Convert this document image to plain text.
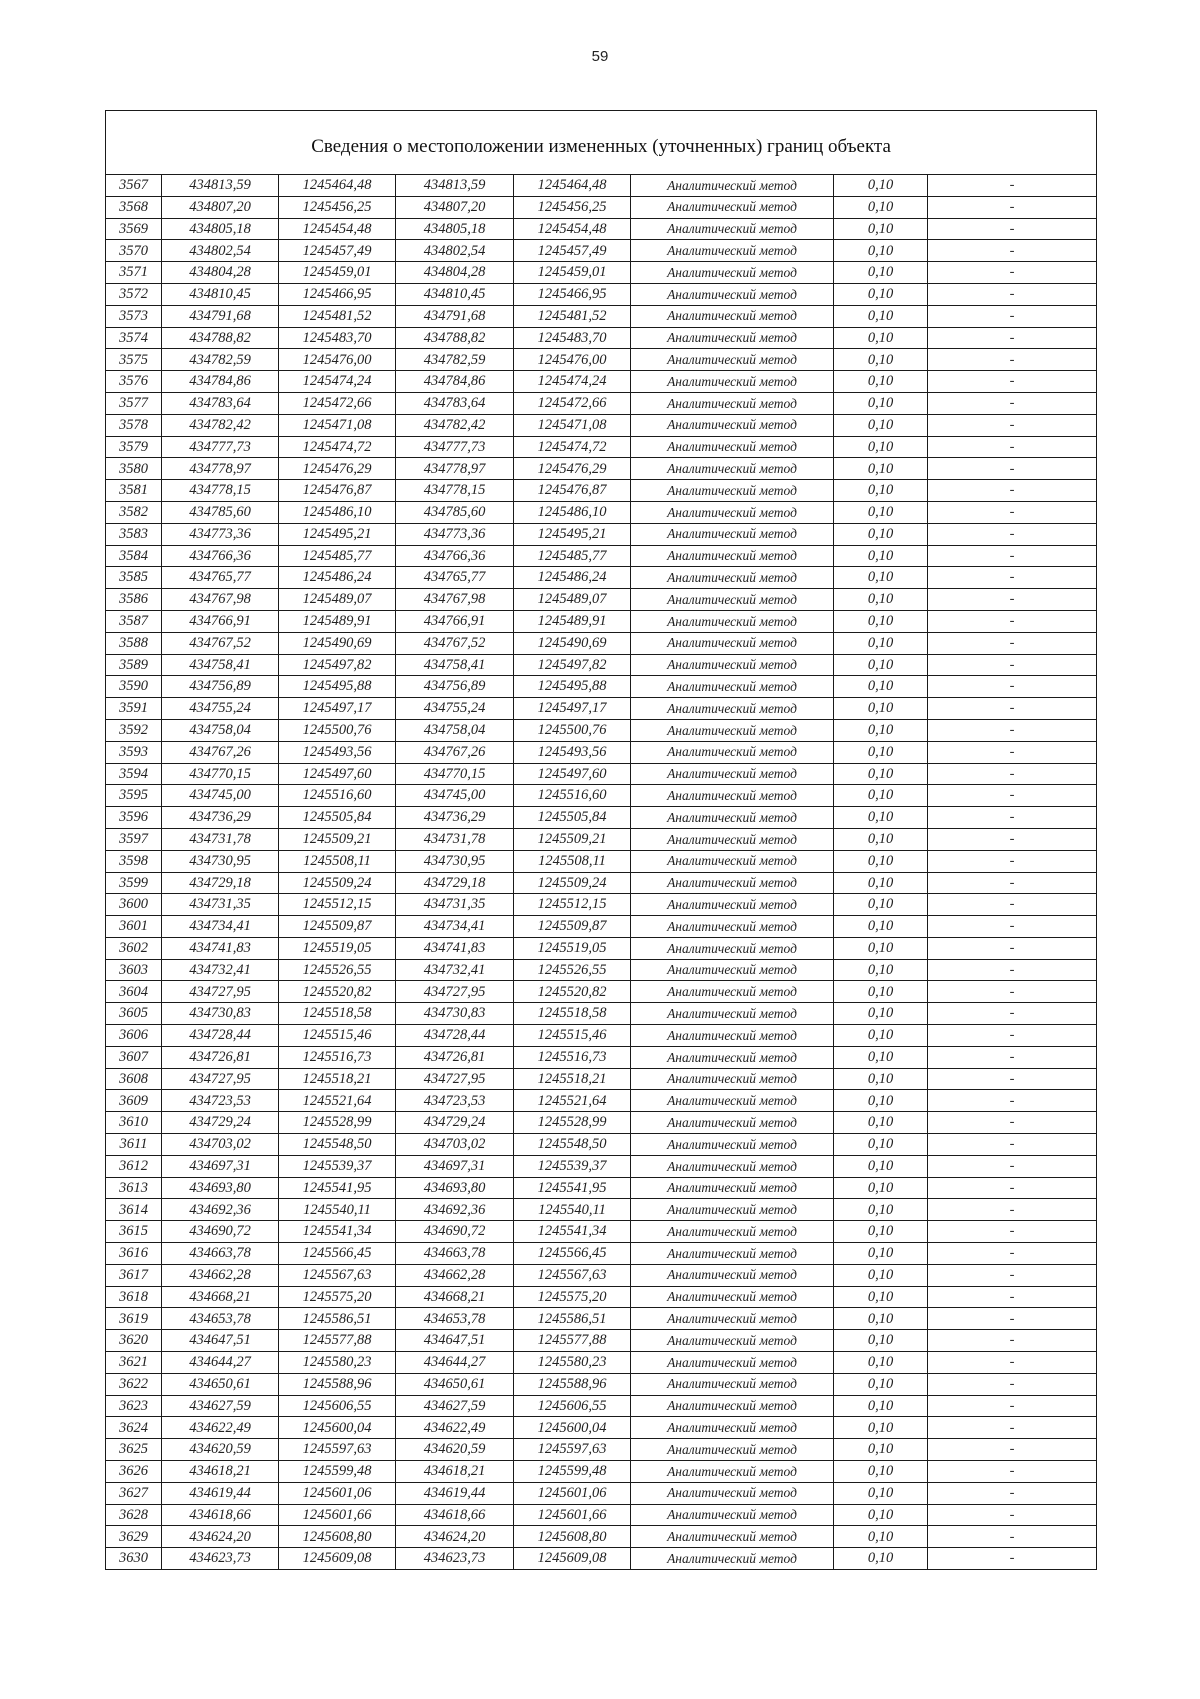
59
Сведения о местоположении измененных (уточненных) границ объекта							
3567	434813,59	1245464,48	434813,59	1245464,48	Аналитический метод	0,10	-
3568	434807,20	1245456,25	434807,20	1245456,25	Аналитический метод	0,10	-
3569	434805,18	1245454,48	434805,18	1245454,48	Аналитический метод	0,10	-
3570	434802,54	1245457,49	434802,54	1245457,49	Аналитический метод	0,10	-
3571	434804,28	1245459,01	434804,28	1245459,01	Аналитический метод	0,10	-
3572	434810,45	1245466,95	434810,45	1245466,95	Аналитический метод	0,10	-
3573	434791,68	1245481,52	434791,68	1245481,52	Аналитический метод	0,10	-
3574	434788,82	1245483,70	434788,82	1245483,70	Аналитический метод	0,10	-
3575	434782,59	1245476,00	434782,59	1245476,00	Аналитический метод	0,10	-
3576	434784,86	1245474,24	434784,86	1245474,24	Аналитический метод	0,10	-
3577	434783,64	1245472,66	434783,64	1245472,66	Аналитический метод	0,10	-
3578	434782,42	1245471,08	434782,42	1245471,08	Аналитический метод	0,10	-
3579	434777,73	1245474,72	434777,73	1245474,72	Аналитический метод	0,10	-
3580	434778,97	1245476,29	434778,97	1245476,29	Аналитический метод	0,10	-
3581	434778,15	1245476,87	434778,15	1245476,87	Аналитический метод	0,10	-
3582	434785,60	1245486,10	434785,60	1245486,10	Аналитический метод	0,10	-
3583	434773,36	1245495,21	434773,36	1245495,21	Аналитический метод	0,10	-
3584	434766,36	1245485,77	434766,36	1245485,77	Аналитический метод	0,10	-
3585	434765,77	1245486,24	434765,77	1245486,24	Аналитический метод	0,10	-
3586	434767,98	1245489,07	434767,98	1245489,07	Аналитический метод	0,10	-
3587	434766,91	1245489,91	434766,91	1245489,91	Аналитический метод	0,10	-
3588	434767,52	1245490,69	434767,52	1245490,69	Аналитический метод	0,10	-
3589	434758,41	1245497,82	434758,41	1245497,82	Аналитический метод	0,10	-
3590	434756,89	1245495,88	434756,89	1245495,88	Аналитический метод	0,10	-
3591	434755,24	1245497,17	434755,24	1245497,17	Аналитический метод	0,10	-
3592	434758,04	1245500,76	434758,04	1245500,76	Аналитический метод	0,10	-
3593	434767,26	1245493,56	434767,26	1245493,56	Аналитический метод	0,10	-
3594	434770,15	1245497,60	434770,15	1245497,60	Аналитический метод	0,10	-
3595	434745,00	1245516,60	434745,00	1245516,60	Аналитический метод	0,10	-
3596	434736,29	1245505,84	434736,29	1245505,84	Аналитический метод	0,10	-
3597	434731,78	1245509,21	434731,78	1245509,21	Аналитический метод	0,10	-
3598	434730,95	1245508,11	434730,95	1245508,11	Аналитический метод	0,10	-
3599	434729,18	1245509,24	434729,18	1245509,24	Аналитический метод	0,10	-
3600	434731,35	1245512,15	434731,35	1245512,15	Аналитический метод	0,10	-
3601	434734,41	1245509,87	434734,41	1245509,87	Аналитический метод	0,10	-
3602	434741,83	1245519,05	434741,83	1245519,05	Аналитический метод	0,10	-
3603	434732,41	1245526,55	434732,41	1245526,55	Аналитический метод	0,10	-
3604	434727,95	1245520,82	434727,95	1245520,82	Аналитический метод	0,10	-
3605	434730,83	1245518,58	434730,83	1245518,58	Аналитический метод	0,10	-
3606	434728,44	1245515,46	434728,44	1245515,46	Аналитический метод	0,10	-
3607	434726,81	1245516,73	434726,81	1245516,73	Аналитический метод	0,10	-
3608	434727,95	1245518,21	434727,95	1245518,21	Аналитический метод	0,10	-
3609	434723,53	1245521,64	434723,53	1245521,64	Аналитический метод	0,10	-
3610	434729,24	1245528,99	434729,24	1245528,99	Аналитический метод	0,10	-
3611	434703,02	1245548,50	434703,02	1245548,50	Аналитический метод	0,10	-
3612	434697,31	1245539,37	434697,31	1245539,37	Аналитический метод	0,10	-
3613	434693,80	1245541,95	434693,80	1245541,95	Аналитический метод	0,10	-
3614	434692,36	1245540,11	434692,36	1245540,11	Аналитический метод	0,10	-
3615	434690,72	1245541,34	434690,72	1245541,34	Аналитический метод	0,10	-
3616	434663,78	1245566,45	434663,78	1245566,45	Аналитический метод	0,10	-
3617	434662,28	1245567,63	434662,28	1245567,63	Аналитический метод	0,10	-
3618	434668,21	1245575,20	434668,21	1245575,20	Аналитический метод	0,10	-
3619	434653,78	1245586,51	434653,78	1245586,51	Аналитический метод	0,10	-
3620	434647,51	1245577,88	434647,51	1245577,88	Аналитический метод	0,10	-
3621	434644,27	1245580,23	434644,27	1245580,23	Аналитический метод	0,10	-
3622	434650,61	1245588,96	434650,61	1245588,96	Аналитический метод	0,10	-
3623	434627,59	1245606,55	434627,59	1245606,55	Аналитический метод	0,10	-
3624	434622,49	1245600,04	434622,49	1245600,04	Аналитический метод	0,10	-
3625	434620,59	1245597,63	434620,59	1245597,63	Аналитический метод	0,10	-
3626	434618,21	1245599,48	434618,21	1245599,48	Аналитический метод	0,10	-
3627	434619,44	1245601,06	434619,44	1245601,06	Аналитический метод	0,10	-
3628	434618,66	1245601,66	434618,66	1245601,66	Аналитический метод	0,10	-
3629	434624,20	1245608,80	434624,20	1245608,80	Аналитический метод	0,10	-
3630	434623,73	1245609,08	434623,73	1245609,08	Аналитический метод	0,10	-
